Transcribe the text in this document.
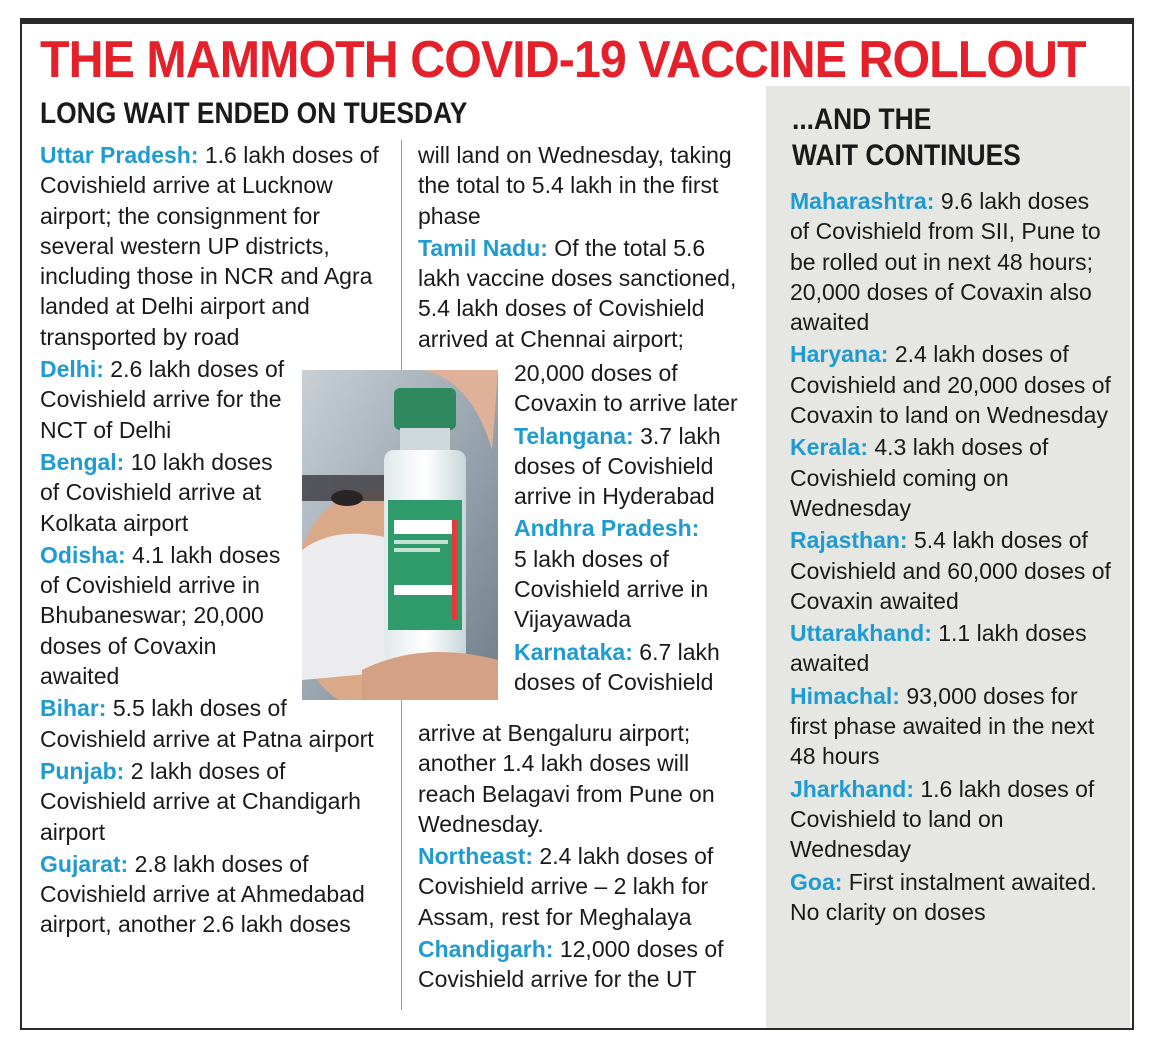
THE MAMMOTH COVID-19 VACCINE ROLLOUT
LONG WAIT ENDED ON TUESDAY	...AND THE
WAIT CONTINUES

Uttar Pradesh: 1.6 lakh doses of Covishield arrive at Lucknow airport; the consignment for several western UP districts, including those in NCR and Agra landed at Delhi airport and transported by road

Delhi: 2.6 lakh doses of Covishield arrive for the NCT of Delhi

Bengal: 10 lakh doses of Covishield arrive at Kolkata airport

Odisha: 4.1 lakh doses of Covishield arrive in Bhubaneswar; 20,000 doses of Covaxin awaited

Bihar: 5.5 lakh doses of Covishield arrive at Patna airport

Punjab: 2 lakh doses of Covishield arrive at Chandigarh airport

Gujarat: 2.8 lakh doses of Covishield arrive at Ahmedabad airport, another 2.6 lakh doses

will land on Wednesday, taking the total to 5.4 lakh in the first phase

Tamil Nadu: Of the total 5.6 lakh vaccine doses sanctioned, 5.4 lakh doses of Covishield arrived at Chennai airport;

20,000 doses of Covaxin to arrive later

Telangana: 3.7 lakh doses of Covishield arrive in Hyderabad

Andhra Pradesh:
5 lakh doses of Covishield arrive in Vijayawada

Karnataka: 6.7 lakh doses of Covishield

arrive at Bengaluru airport; another 1.4 lakh doses will reach Belagavi from Pune on Wednesday.

Northeast: 2.4 lakh doses of Covishield arrive – 2 lakh for Assam, rest for Meghalaya

Chandigarh: 12,000 doses of Covishield arrive for the UT

Maharashtra: 9.6 lakh doses of Covishield from SII, Pune to be rolled out in next 48 hours; 20,000 doses of Covaxin also awaited

Haryana: 2.4 lakh doses of Covishield and 20,000 doses of Covaxin to land on Wednesday

Kerala: 4.3 lakh doses of Covishield coming on Wednesday

Rajasthan: 5.4 lakh doses of Covishield and 60,000 doses of Covaxin awaited

Uttarakhand: 1.1 lakh doses awaited

Himachal: 93,000 doses for first phase awaited in the next 48 hours

Jharkhand: 1.6 lakh doses of Covishield to land on Wednesday

Goa: First instalment awaited. No clarity on doses
